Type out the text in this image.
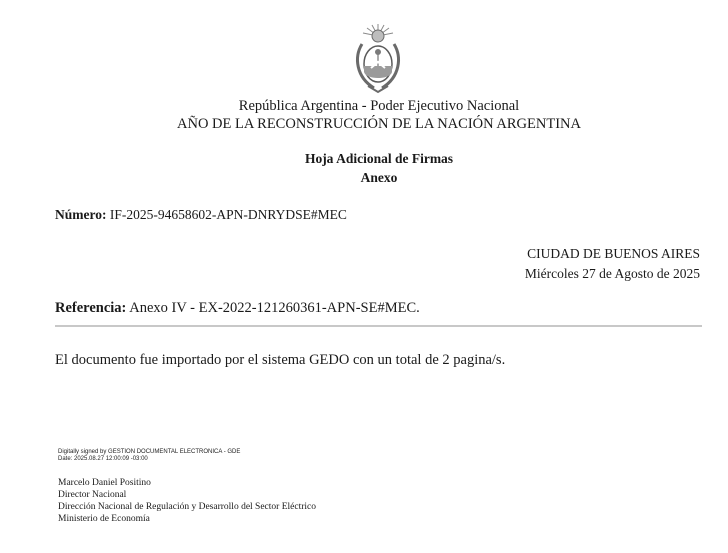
República Argentina - Poder Ejecutivo Nacional
AÑO DE LA RECONSTRUCCIÓN DE LA NACIÓN ARGENTINA
Hoja Adicional de Firmas
Anexo
Número: IF-2025-94658602-APN-DNRYDSE#MEC
CIUDAD DE BUENOS AIRES
Miércoles 27 de Agosto de 2025
Referencia: Anexo IV - EX-2022-121260361-APN-SE#MEC.
El documento fue importado por el sistema GEDO con un total de 2 pagina/s.
Digitally signed by GESTION DOCUMENTAL ELECTRONICA - GDE
Date: 2025.08.27 12:00:09 -03:00
Marcelo Daniel Positino
Director Nacional
Dirección Nacional de Regulación y Desarrollo del Sector Eléctrico
Ministerio de Economía
